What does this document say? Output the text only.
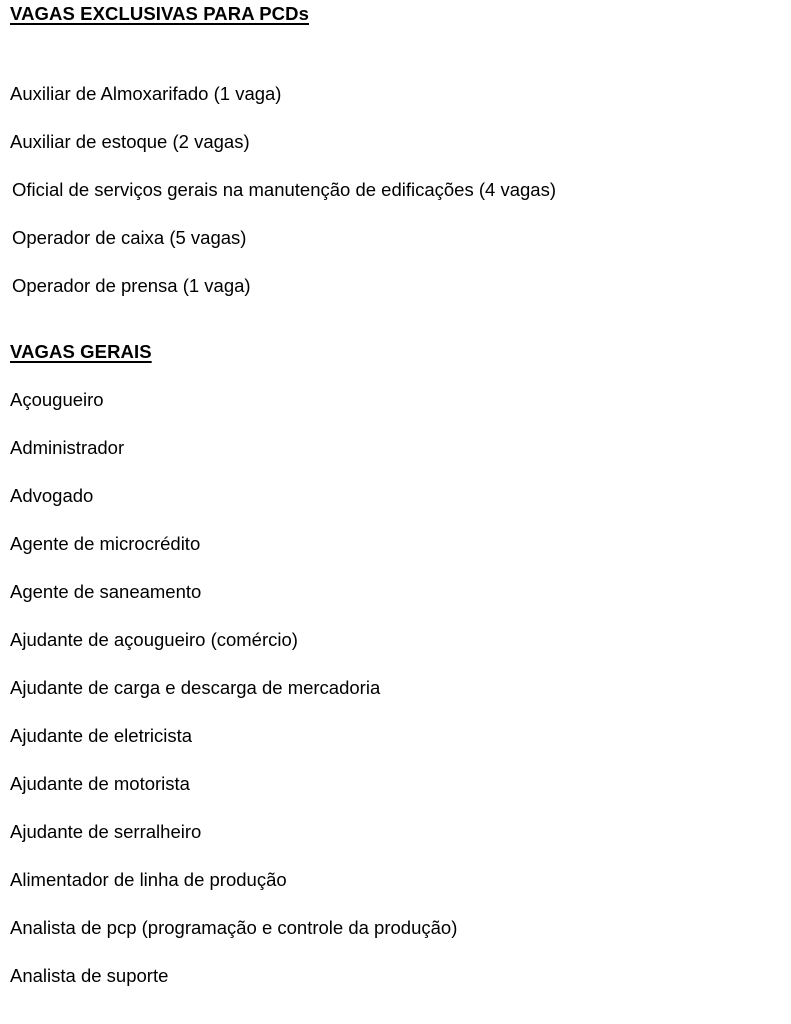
VAGAS EXCLUSIVAS PARA PCDs

Auxiliar de Almoxarifado (1 vaga)

Auxiliar de estoque (2 vagas)

Oficial de serviços gerais na manutenção de edificações (4 vagas)

Operador de caixa (5 vagas)

Operador de prensa (1 vaga)

VAGAS GERAIS

Açougueiro

Administrador

Advogado

Agente de microcrédito

Agente de saneamento

Ajudante de açougueiro (comércio)

Ajudante de carga e descarga de mercadoria

Ajudante de eletricista

Ajudante de motorista

Ajudante de serralheiro

Alimentador de linha de produção

Analista de pcp (programação e controle da produção)

Analista de suporte
